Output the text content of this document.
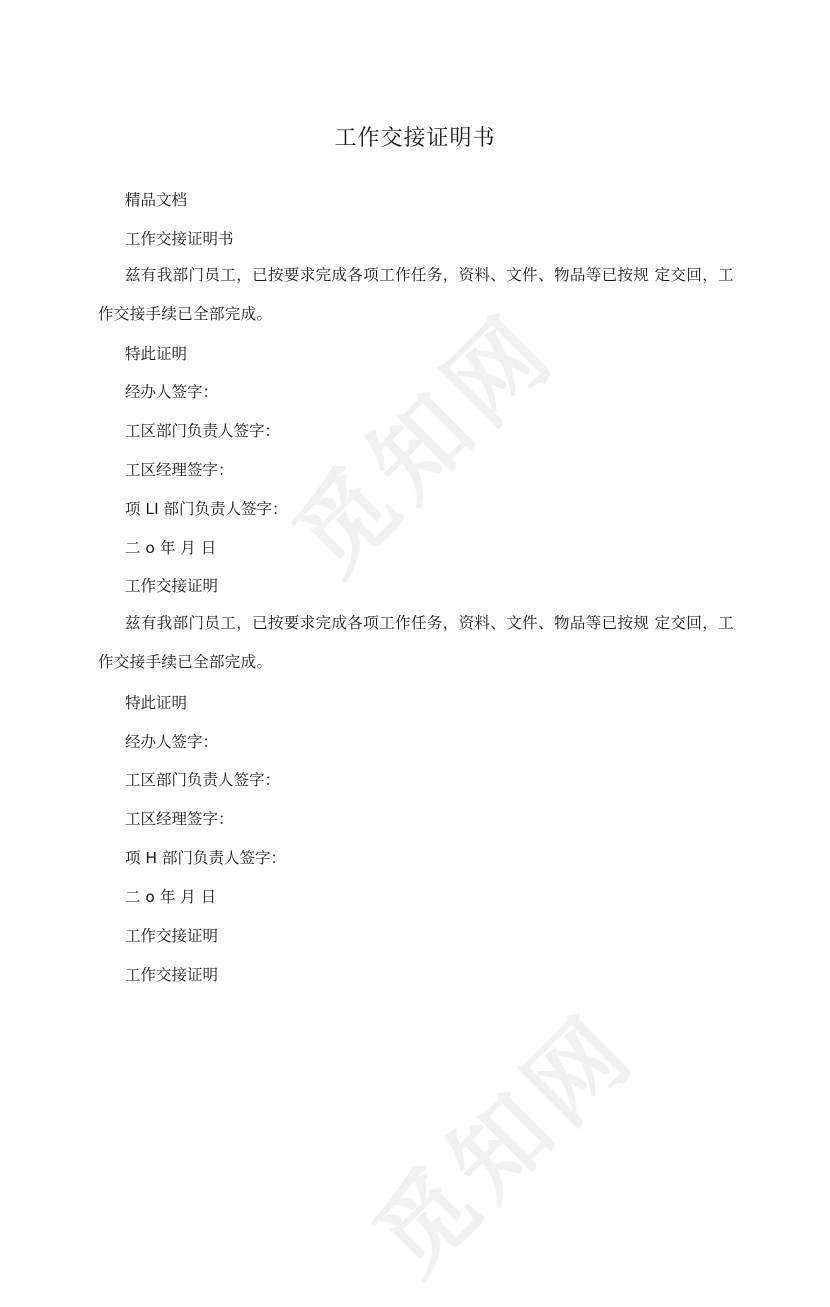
觅知网
觅知网
工作交接证明书
精品文档
工作交接证明书
兹有我部门员工，已按要求完成各项工作任务，资料、文件、物品等已按规 定交回，工作交接手续已全部完成。
特此证明
经办人签字：
工区部门负责人签字：
工区经理签字：
项 LI 部门负责人签字：
二 o 年 月 日
工作交接证明
兹有我部门员工，已按要求完成各项工作任务，资料、文件、物品等已按规 定交回，工作交接手续已全部完成。
特此证明
经办人签字：
工区部门负责人签字：
工区经理签字：
项 H 部门负责人签字：
二 o 年 月 日
工作交接证明
工作交接证明
